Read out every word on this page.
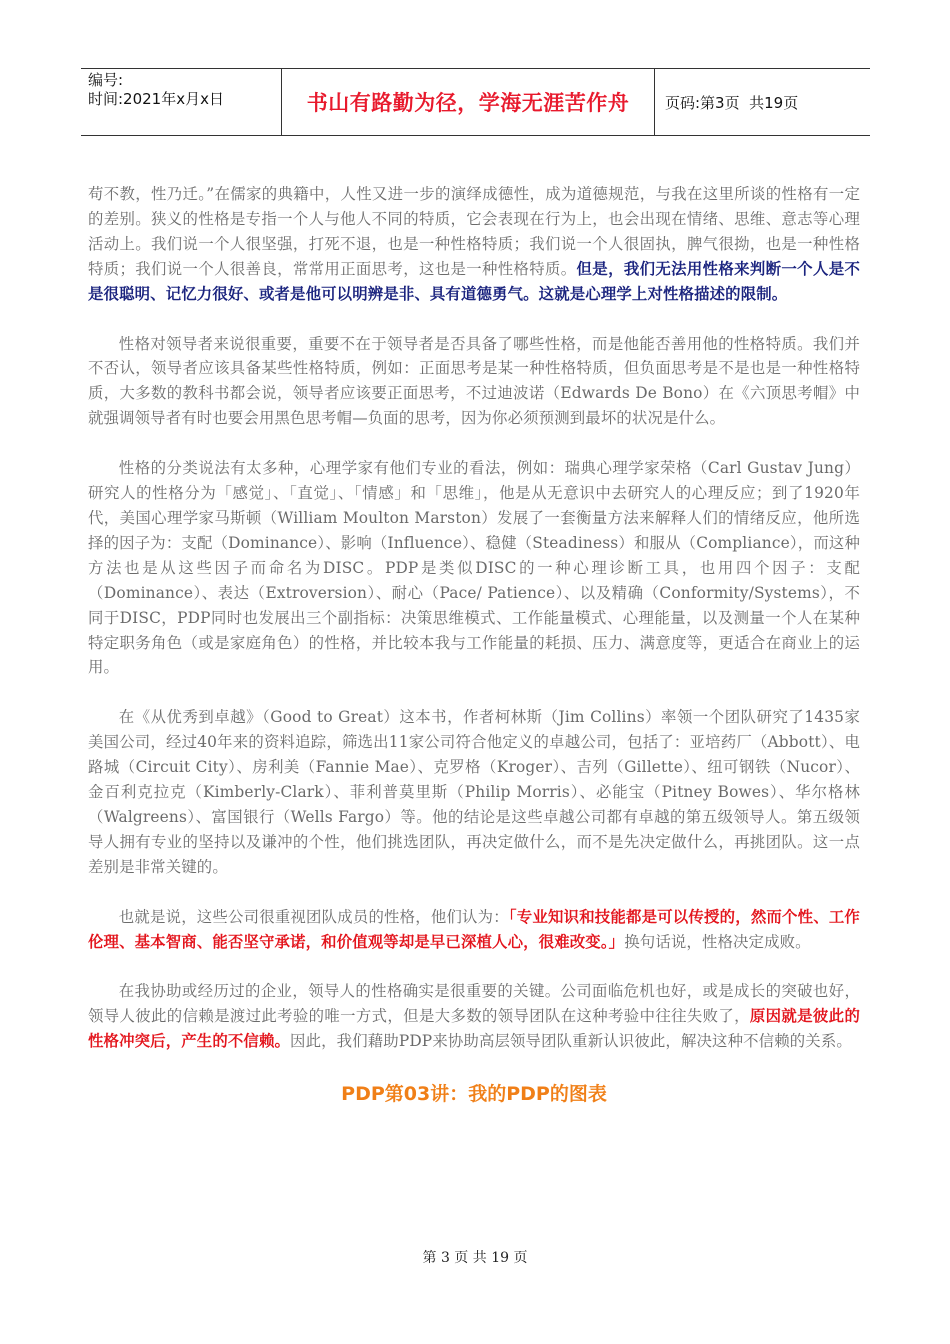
编号:
时间:2021年x月x日	书山有路勤为径，学海无涯苦作舟	页码:第3页  共19页

苟不教，性乃迁。”在儒家的典籍中，人性又进一步的演绎成德性，成为道德规范，与我在这里所谈的性格有一定的差别。狭义的性格是专指一个人与他人不同的特质，它会表现在行为上，也会出现在情绪、思维、意志等心理活动上。我们说一个人很坚强，打死不退，也是一种性格特质；我们说一个人很固执，脾气很拗，也是一种性格特质；我们说一个人很善良，常常用正面思考，这也是一种性格特质。但是，我们无法用性格来判断一个人是不是很聪明、记忆力很好、或者是他可以明辨是非、具有道德勇气。这就是心理学上对性格描述的限制。

性格对领导者来说很重要，重要不在于领导者是否具备了哪些性格，而是他能否善用他的性格特质。我们并不否认，领导者应该具备某些性格特质，例如：正面思考是某一种性格特质，但负面思考是不是也是一种性格特质，大多数的教科书都会说，领导者应该要正面思考，不过迪波诺（Edwards De Bono）在《六顶思考帽》中就强调领导者有时也要会用黑色思考帽—负面的思考，因为你必须预测到最坏的状况是什么。

性格的分类说法有太多种，心理学家有他们专业的看法，例如：瑞典心理学家荣格（Carl Gustav Jung）研究人的性格分为「感觉」、「直觉」、「情感」和「思维」，他是从无意识中去研究人的心理反应；到了1920年代，美国心理学家马斯顿（William Moulton Marston）发展了一套衡量方法来解释人们的情绪反应，他所选择的因子为：支配（Dominance）、影响（Influence）、稳健（Steadiness）和服从（Compliance），而这种方法也是从这些因子而命名为DISC。PDP是类似DISC的一种心理诊断工具，也用四个因子：支配（Dominance）、表达（Extroversion）、耐心（Pace/ Patience）、以及精确（Conformity/Systems），不同于DISC，PDP同时也发展出三个副指标：决策思维模式、工作能量模式、心理能量，以及测量一个人在某种特定职务角色（或是家庭角色）的性格，并比较本我与工作能量的耗损、压力、满意度等，更适合在商业上的运用。

在《从优秀到卓越》（Good to Great）这本书，作者柯林斯（Jim Collins）率领一个团队研究了1435家美国公司，经过40年来的资料追踪，筛选出11家公司符合他定义的卓越公司，包括了：亚培药厂（Abbott）、电路城（Circuit City）、房利美（Fannie Mae）、克罗格（Kroger）、吉列（Gillette）、纽可钢铁（Nucor）、金百利克拉克（Kimberly-Clark）、菲利普莫里斯（Philip Morris）、必能宝（Pitney Bowes）、华尔格林（Walgreens）、富国银行（Wells Fargo）等。他的结论是这些卓越公司都有卓越的第五级领导人。第五级领导人拥有专业的坚持以及谦冲的个性，他们挑选团队，再决定做什么，而不是先决定做什么，再挑团队。这一点差别是非常关键的。

也就是说，这些公司很重视团队成员的性格，他们认为：「专业知识和技能都是可以传授的，然而个性、工作伦理、基本智商、能否坚守承诺，和价值观等却是早已深植人心，很难改变。」换句话说，性格决定成败。

在我协助或经历过的企业，领导人的性格确实是很重要的关键。公司面临危机也好，或是成长的突破也好，领导人彼此的信赖是渡过此考验的唯一方式，但是大多数的领导团队在这种考验中往往失败了，原因就是彼此的性格冲突后，产生的不信赖。因此，我们藉助PDP来协助高层领导团队重新认识彼此，解决这种不信赖的关系。

PDP第03讲：我的PDP的图表
第 3 页 共 19 页
